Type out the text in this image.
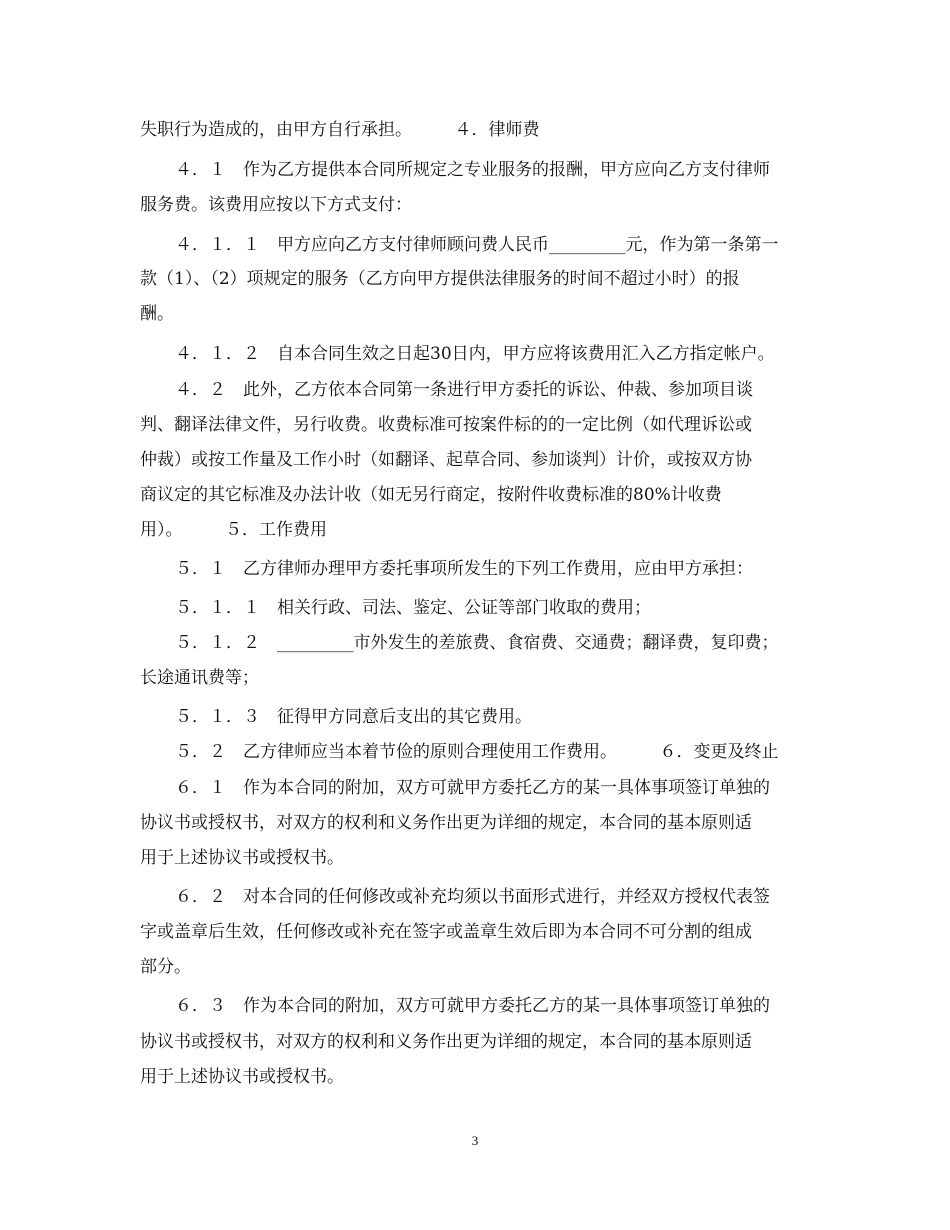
失职行为造成的，由甲方自行承担。　　　４．律师费
４．１　作为乙方提供本合同所规定之专业服务的报酬，甲方应向乙方支付律师
服务费。该费用应按以下方式支付：
４．１．１　甲方应向乙方支付律师顾问费人民币_________元，作为第一条第一
款（1）、（2）项规定的服务（乙方向甲方提供法律服务的时间不超过小时）的报
酬。
４．１．２　自本合同生效之日起30日内，甲方应将该费用汇入乙方指定帐户。
４．２　此外，乙方依本合同第一条进行甲方委托的诉讼、仲裁、参加项目谈
判、翻译法律文件，另行收费。收费标准可按案件标的的一定比例（如代理诉讼或
仲裁）或按工作量及工作小时（如翻译、起草合同、参加谈判）计价，或按双方协
商议定的其它标准及办法计收（如无另行商定，按附件收费标准的80%计收费
用）。　　　５．工作费用
５．１　乙方律师办理甲方委托事项所发生的下列工作费用，应由甲方承担：
５．１．１　相关行政、司法、鉴定、公证等部门收取的费用；
５．１．２　_________市外发生的差旅费、食宿费、交通费；翻译费，复印费；
长途通讯费等；
５．１．３　征得甲方同意后支出的其它费用。
５．２　乙方律师应当本着节俭的原则合理使用工作费用。　　　６．变更及终止
６．１　作为本合同的附加，双方可就甲方委托乙方的某一具体事项签订单独的
协议书或授权书，对双方的权利和义务作出更为详细的规定，本合同的基本原则适
用于上述协议书或授权书。
６．２　对本合同的任何修改或补充均须以书面形式进行，并经双方授权代表签
字或盖章后生效，任何修改或补充在签字或盖章生效后即为本合同不可分割的组成
部分。
６．３　作为本合同的附加，双方可就甲方委托乙方的某一具体事项签订单独的
协议书或授权书，对双方的权利和义务作出更为详细的规定，本合同的基本原则适
用于上述协议书或授权书。
3
